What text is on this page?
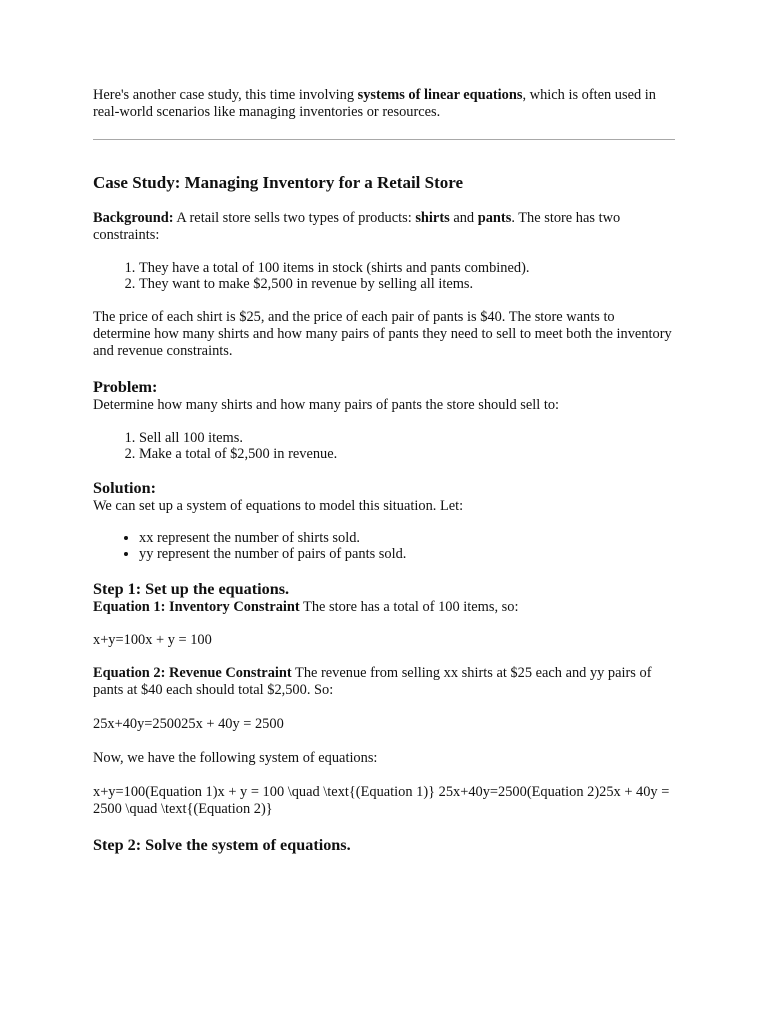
Here's another case study, this time involving systems of linear equations, which is often used in real-world scenarios like managing inventories or resources.

Case Study: Managing Inventory for a Retail Store

Background: A retail store sells two types of products: shirts and pants. The store has two constraints:

1. They have a total of 100 items in stock (shirts and pants combined).
2. They want to make $2,500 in revenue by selling all items.

The price of each shirt is $25, and the price of each pair of pants is $40. The store wants to determine how many shirts and how many pairs of pants they need to sell to meet both the inventory and revenue constraints.

Problem:

Determine how many shirts and how many pairs of pants the store should sell to:

1. Sell all 100 items.
2. Make a total of $2,500 in revenue.
Solution:

We can set up a system of equations to model this situation. Let:

• xx represent the number of shirts sold.
• yy represent the number of pairs of pants sold.
Step 1: Set up the equations.

Equation 1: Inventory Constraint The store has a total of 100 items, so:

x+y=100x + y = 100

Equation 2: Revenue Constraint The revenue from selling xx shirts at $25 each and yy pairs of pants at $40 each should total $2,500. So:

25x+40y=250025x + 40y = 2500

Now, we have the following system of equations:

x+y=100(Equation 1)x + y = 100 \quad \text{(Equation 1)} 25x+40y=2500(Equation 2)25x + 40y = 2500 \quad \text{(Equation 2)}

Step 2: Solve the system of equations.
